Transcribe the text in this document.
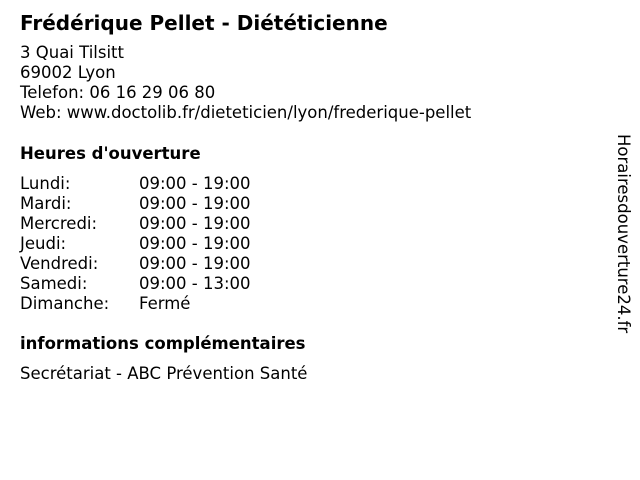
Frédérique Pellet - Diététicienne
3 Quai Tilsitt
69002 Lyon
Telefon: 06 16 29 06 80
Web: www.doctolib.fr/dieteticien/lyon/frederique-pellet
Heures d'ouverture
Lundi:	09:00 - 19:00
Mardi:	09:00 - 19:00
Mercredi:	09:00 - 19:00
Jeudi:	09:00 - 19:00
Vendredi: 09:00 - 19:00
Samedi:	09:00 - 13:00
Dimanche: Fermé
informations complémentaires
Secrétariat - ABC Prévention Santé
Horairesdouverture24.fr
